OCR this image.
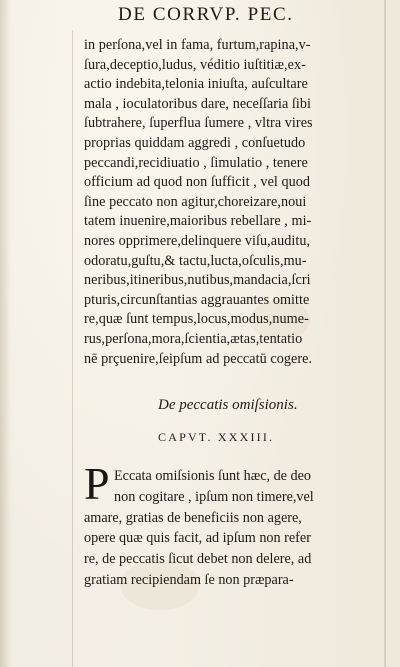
DE CORRVP. PEC.
in perſona,vel in fama, furtum,rapina,v-
ſura,deceptio,ludus, véditio iuſtitiæ,ex-
actio indebita,telonia iniuſta, auſcultare
mala , ioculatoribus dare, neceſſaria ſibi
ſubtrahere, ſuperflua ſumere , vltra vires
proprias quiddam aggredi , conſuetudo
peccandi,recidiuatio , ſimulatio , tenere
officium ad quod non ſufficit , vel quod
ſine peccato non agitur,choreizare,noui
tatem inuenire,maioribus rebellare , mi-
nores opprimere,delinquere viſu,auditu,
odoratu,guſtu,& tactu,lucta,oſculis,mu-
neribus,itineribus,nutibus,mandacia,ſcri
pturis,circunſtantias aggrauantes omitte
re,quæ ſunt tempus,locus,modus,nume-
rus,perſona,mora,ſcientia,ætas,tentatio
nē prçuenire,ſeipſum ad peccatū cogere.
De peccatis omiſsionis.
CAPVT. XXXIII.
P Eccata omiſsionis ſunt hæc, de deo
non cogitare , ipſum non timere,vel
amare, gratias de beneficiis non agere,
opere quæ quis facit, ad ipſum non refer
re, de peccatis ſicut debet non delere, ad
gratiam recipiendam ſe non præpara-
